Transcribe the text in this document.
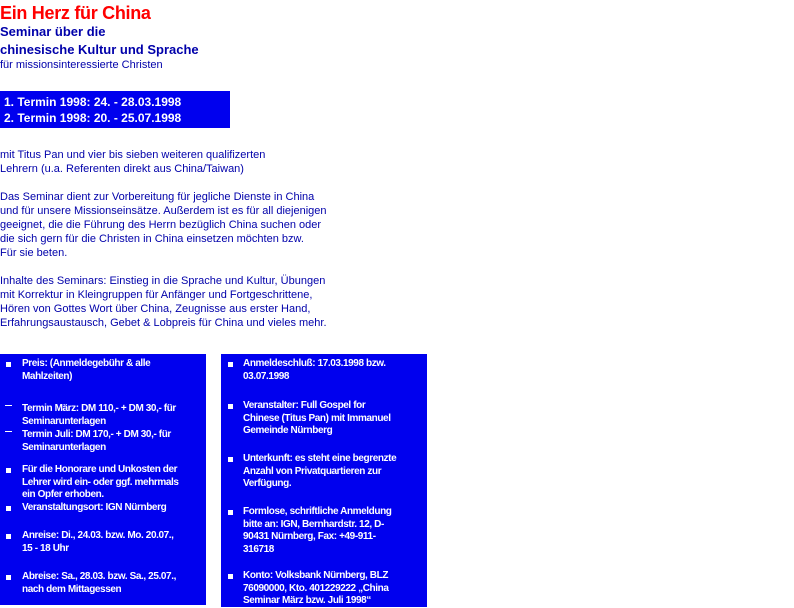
Ein Herz für China
Seminar über die
chinesische Kultur und Sprache
für missionsinteressierte Christen
1. Termin 1998: 24. - 28.03.1998
2. Termin 1998: 20. - 25.07.1998
mit Titus Pan und vier bis sieben weiteren qualifizerten
Lehrern (u.a. Referenten direkt aus China/Taiwan)
Das Seminar dient zur Vorbereitung für jegliche Dienste in China
und für unsere Missionseinsätze. Außerdem ist es für all diejenigen
geeignet, die die Führung des Herrn bezüglich China suchen oder
die sich gern für die Christen in China einsetzen möchten bzw.
Für sie beten.
Inhalte des Seminars: Einstieg in die Sprache und Kultur, Übungen
mit Korrektur in Kleingruppen für Anfänger und Fortgeschrittene,
Hören von Gottes Wort über China, Zeugnisse aus erster Hand,
Erfahrungsaustausch, Gebet & Lobpreis für China und vieles mehr.
Preis: (Anmeldegebühr & alle
Mahlzeiten)
Termin März: DM 110,- + DM 30,- für
Seminarunterlagen
Termin Juli: DM 170,- + DM 30,- für
Seminarunterlagen
Für die Honorare und Unkosten der
Lehrer wird ein- oder ggf. mehrmals
ein Opfer erhoben.
Veranstaltungsort: IGN Nürnberg
Anreise: Di., 24.03. bzw. Mo. 20.07.,
15 - 18 Uhr
Abreise: Sa., 28.03. bzw. Sa., 25.07.,
nach dem Mittagessen
Anmeldeschluß: 17.03.1998 bzw.
03.07.1998
Veranstalter: Full Gospel for
Chinese (Titus Pan) mit Immanuel
Gemeinde Nürnberg
Unterkunft: es steht eine begrenzte
Anzahl von Privatquartieren zur
Verfügung.
Formlose, schriftliche Anmeldung
bitte an: IGN, Bernhardstr. 12, D-
90431 Nürnberg, Fax: +49-911-
316718
Konto: Volksbank Nürnberg, BLZ
76090000, Kto. 401229222 „China
Seminar März bzw. Juli 1998“
